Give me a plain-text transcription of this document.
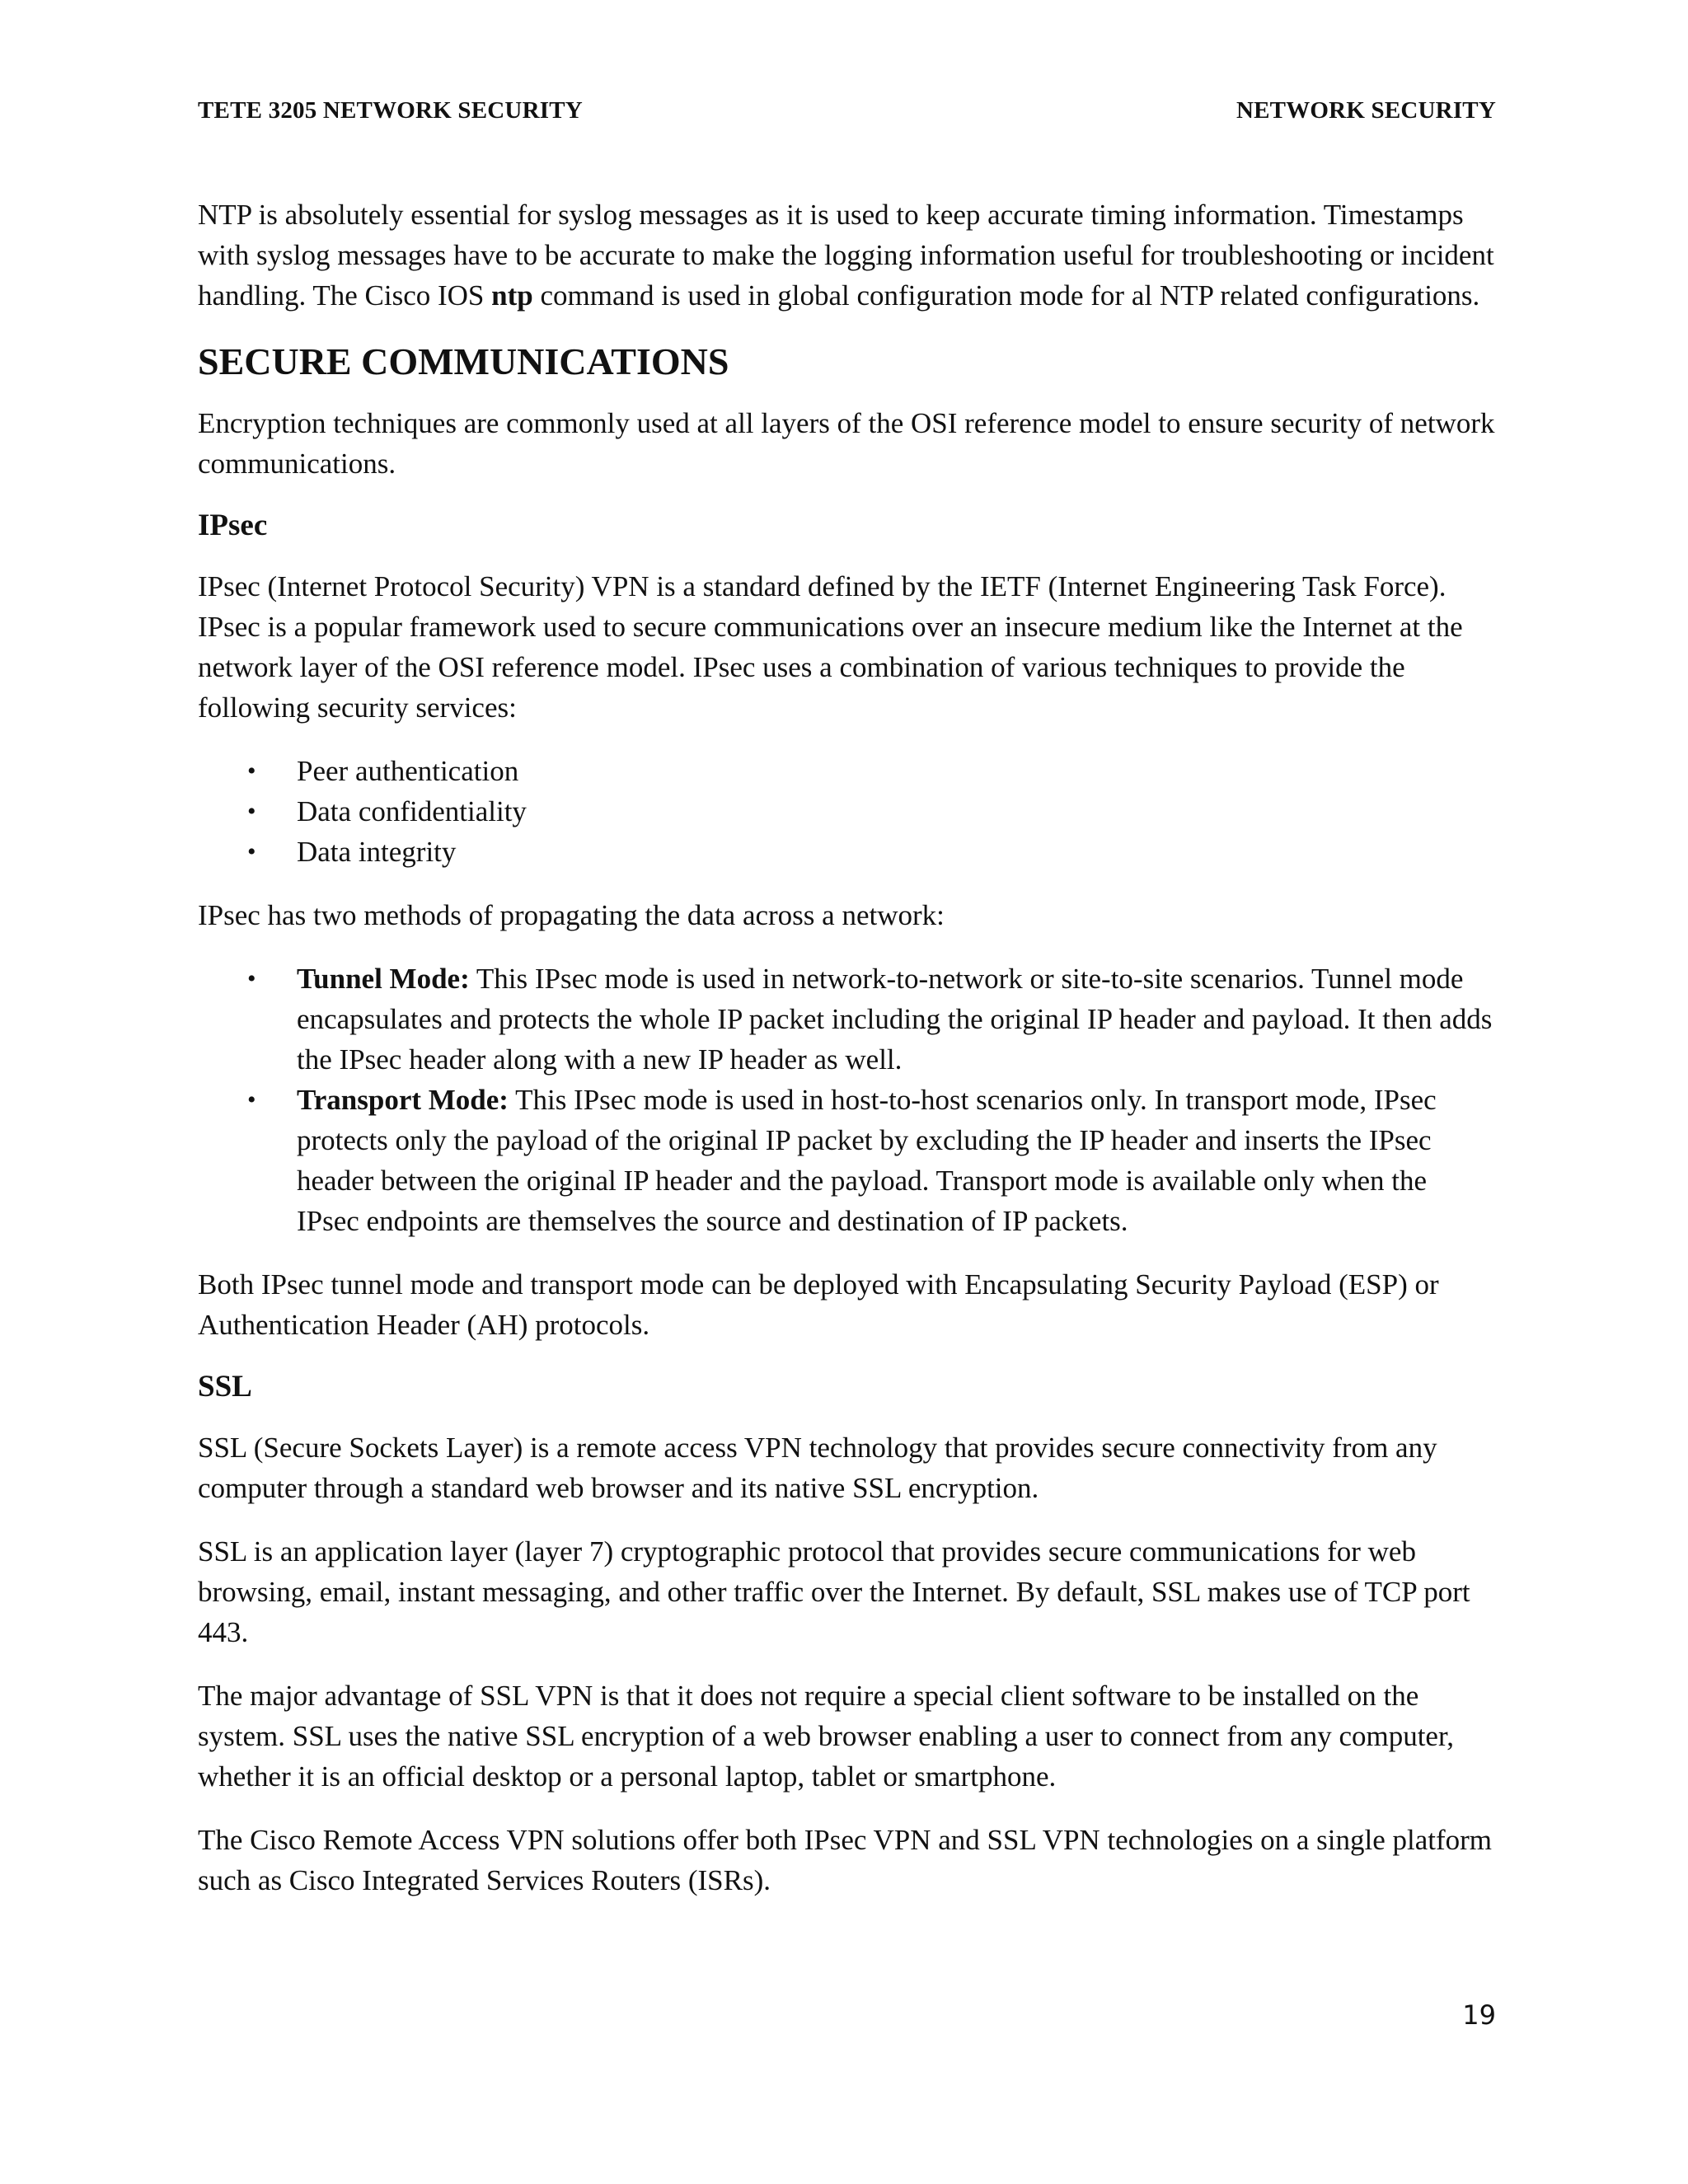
TETE 3205 NETWORK SECURITY	NETWORK SECURITY

NTP is absolutely essential for syslog messages as it is used to keep accurate timing information. Timestamps with syslog messages have to be accurate to make the logging information useful for troubleshooting or incident handling. The Cisco IOS ntp command is used in global configuration mode for al NTP related configurations.

SECURE COMMUNICATIONS

Encryption techniques are commonly used at all layers of the OSI reference model to ensure security of network communications.

IPsec

IPsec (Internet Protocol Security) VPN is a standard defined by the IETF (Internet Engineering Task Force). IPsec is a popular framework used to secure communications over an insecure medium like the Internet at the network layer of the OSI reference model. IPsec uses a combination of various techniques to provide the following security services:

• Peer authentication
• Data confidentiality
• Data integrity

IPsec has two methods of propagating the data across a network:

• Tunnel Mode: This IPsec mode is used in network-to-network or site-to-site scenarios. Tunnel mode encapsulates and protects the whole IP packet including the original IP header and payload. It then adds the IPsec header along with a new IP header as well.
• Transport Mode: This IPsec mode is used in host-to-host scenarios only. In transport mode, IPsec protects only the payload of the original IP packet by excluding the IP header and inserts the IPsec header between the original IP header and the payload. Transport mode is available only when the IPsec endpoints are themselves the source and destination of IP packets.

Both IPsec tunnel mode and transport mode can be deployed with Encapsulating Security Payload (ESP) or Authentication Header (AH) protocols.

SSL

SSL (Secure Sockets Layer) is a remote access VPN technology that provides secure connectivity from any computer through a standard web browser and its native SSL encryption.

SSL is an application layer (layer 7) cryptographic protocol that provides secure communications for web browsing, email, instant messaging, and other traffic over the Internet. By default, SSL makes use of TCP port 443.

The major advantage of SSL VPN is that it does not require a special client software to be installed on the system. SSL uses the native SSL encryption of a web browser enabling a user to connect from any computer, whether it is an official desktop or a personal laptop, tablet or smartphone.

The Cisco Remote Access VPN solutions offer both IPsec VPN and SSL VPN technologies on a single platform such as Cisco Integrated Services Routers (ISRs).

19
